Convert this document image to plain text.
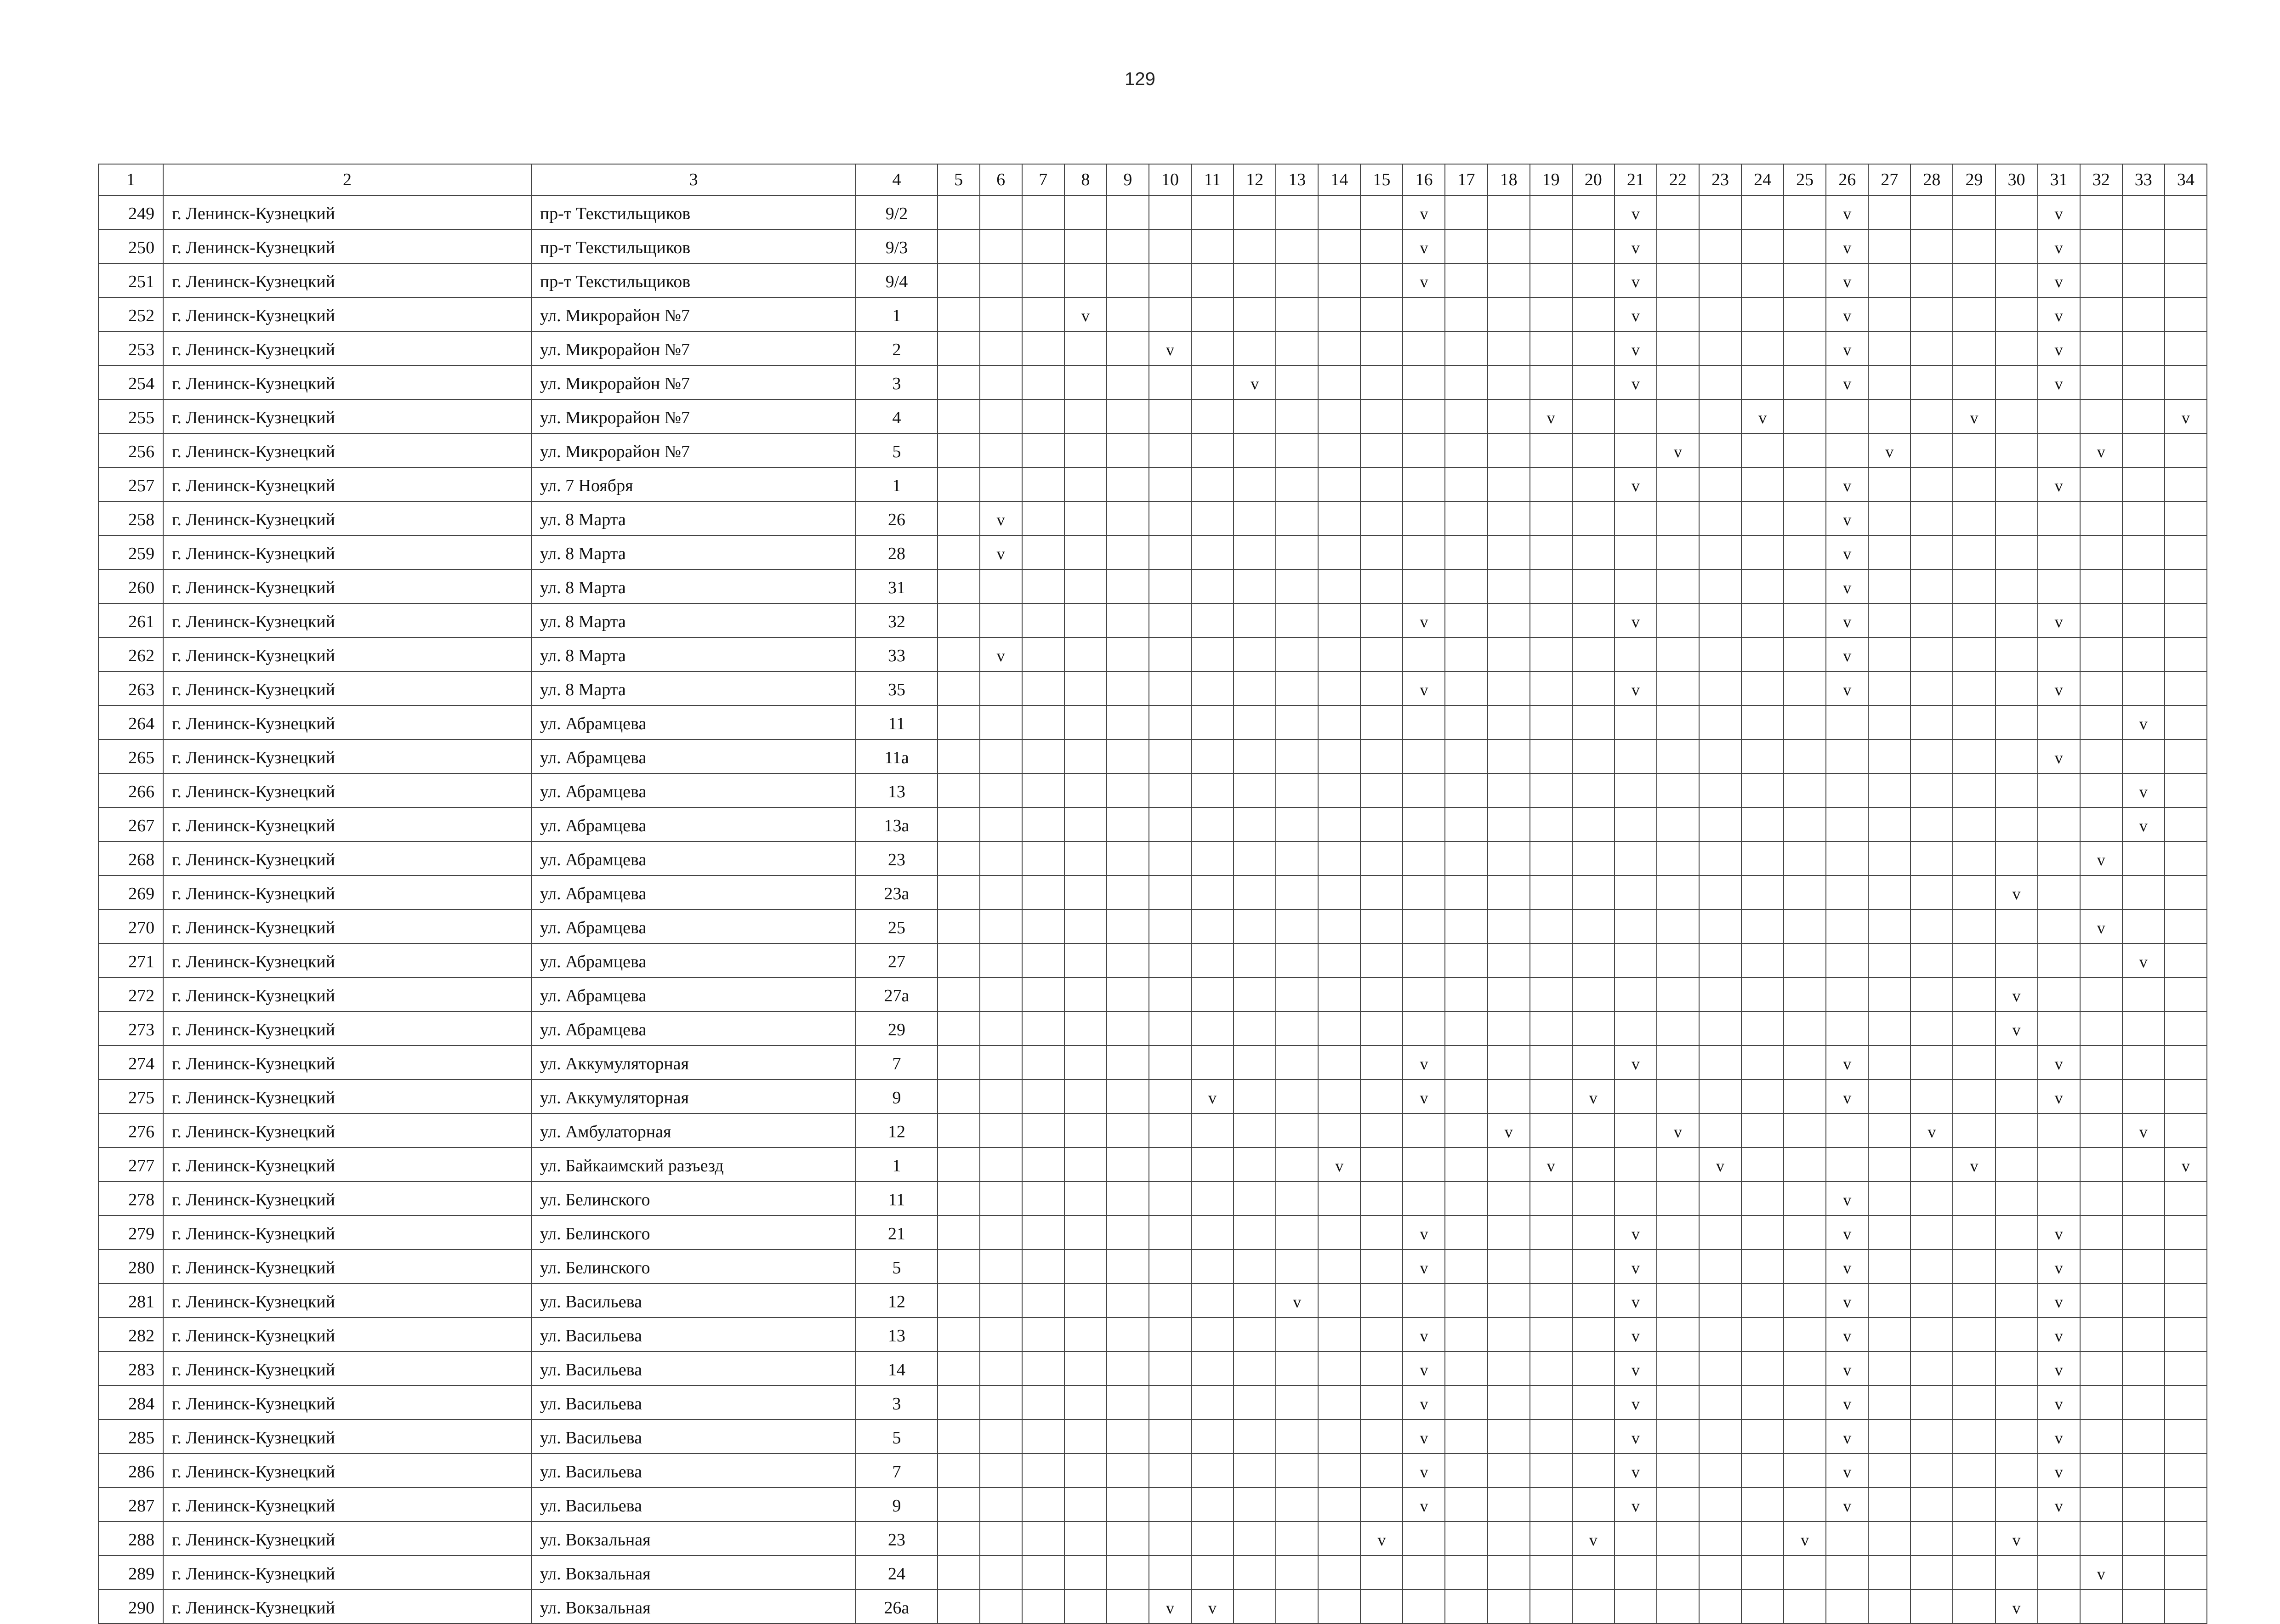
129
1	2	3	4	5	6	7	8	9	10	11	12	13	14	15	16	17	18	19	20	21	22	23	24	25	26	27	28	29	30	31	32	33	34
249	г. Ленинск-Кузнецкий	пр-т Текстильщиков	9/2												v					v					v					v			
250	г. Ленинск-Кузнецкий	пр-т Текстильщиков	9/3												v					v					v					v			
251	г. Ленинск-Кузнецкий	пр-т Текстильщиков	9/4												v					v					v					v			
252	г. Ленинск-Кузнецкий	ул. Микрорайон №7	1				v													v					v					v			
253	г. Ленинск-Кузнецкий	ул. Микрорайон №7	2						v											v					v					v			
254	г. Ленинск-Кузнецкий	ул. Микрорайон №7	3								v									v					v					v			
255	г. Ленинск-Кузнецкий	ул. Микрорайон №7	4															v					v					v					v
256	г. Ленинск-Кузнецкий	ул. Микрорайон №7	5																		v					v					v		
257	г. Ленинск-Кузнецкий	ул. 7 Ноября	1																	v					v					v			
258	г. Ленинск-Кузнецкий	ул. 8 Марта	26		v																				v								
259	г. Ленинск-Кузнецкий	ул. 8 Марта	28		v																				v								
260	г. Ленинск-Кузнецкий	ул. 8 Марта	31																						v								
261	г. Ленинск-Кузнецкий	ул. 8 Марта	32												v					v					v					v			
262	г. Ленинск-Кузнецкий	ул. 8 Марта	33		v																				v								
263	г. Ленинск-Кузнецкий	ул. 8 Марта	35												v					v					v					v			
264	г. Ленинск-Кузнецкий	ул. Абрамцева	11																													v	
265	г. Ленинск-Кузнецкий	ул. Абрамцева	11а																											v			
266	г. Ленинск-Кузнецкий	ул. Абрамцева	13																													v	
267	г. Ленинск-Кузнецкий	ул. Абрамцева	13а																													v	
268	г. Ленинск-Кузнецкий	ул. Абрамцева	23																												v		
269	г. Ленинск-Кузнецкий	ул. Абрамцева	23а																										v				
270	г. Ленинск-Кузнецкий	ул. Абрамцева	25																												v		
271	г. Ленинск-Кузнецкий	ул. Абрамцева	27																													v	
272	г. Ленинск-Кузнецкий	ул. Абрамцева	27а																										v				
273	г. Ленинск-Кузнецкий	ул. Абрамцева	29																										v				
274	г. Ленинск-Кузнецкий	ул. Аккумуляторная	7												v					v					v					v			
275	г. Ленинск-Кузнецкий	ул. Аккумуляторная	9							v					v				v						v					v			
276	г. Ленинск-Кузнецкий	ул. Амбулаторная	12														v				v						v					v	
277	г. Ленинск-Кузнецкий	ул. Байкаимский разъезд	1										v					v				v						v					v
278	г. Ленинск-Кузнецкий	ул. Белинского	11																						v								
279	г. Ленинск-Кузнецкий	ул. Белинского	21												v					v					v					v			
280	г. Ленинск-Кузнецкий	ул. Белинского	5												v					v					v					v			
281	г. Ленинск-Кузнецкий	ул. Васильева	12									v								v					v					v			
282	г. Ленинск-Кузнецкий	ул. Васильева	13												v					v					v					v			
283	г. Ленинск-Кузнецкий	ул. Васильева	14												v					v					v					v			
284	г. Ленинск-Кузнецкий	ул. Васильева	3												v					v					v					v			
285	г. Ленинск-Кузнецкий	ул. Васильева	5												v					v					v					v			
286	г. Ленинск-Кузнецкий	ул. Васильева	7												v					v					v					v			
287	г. Ленинск-Кузнецкий	ул. Васильева	9												v					v					v					v			
288	г. Ленинск-Кузнецкий	ул. Вокзальная	23											v					v					v					v				
289	г. Ленинск-Кузнецкий	ул. Вокзальная	24																												v		
290	г. Ленинск-Кузнецкий	ул. Вокзальная	26а						v	v																			v				
